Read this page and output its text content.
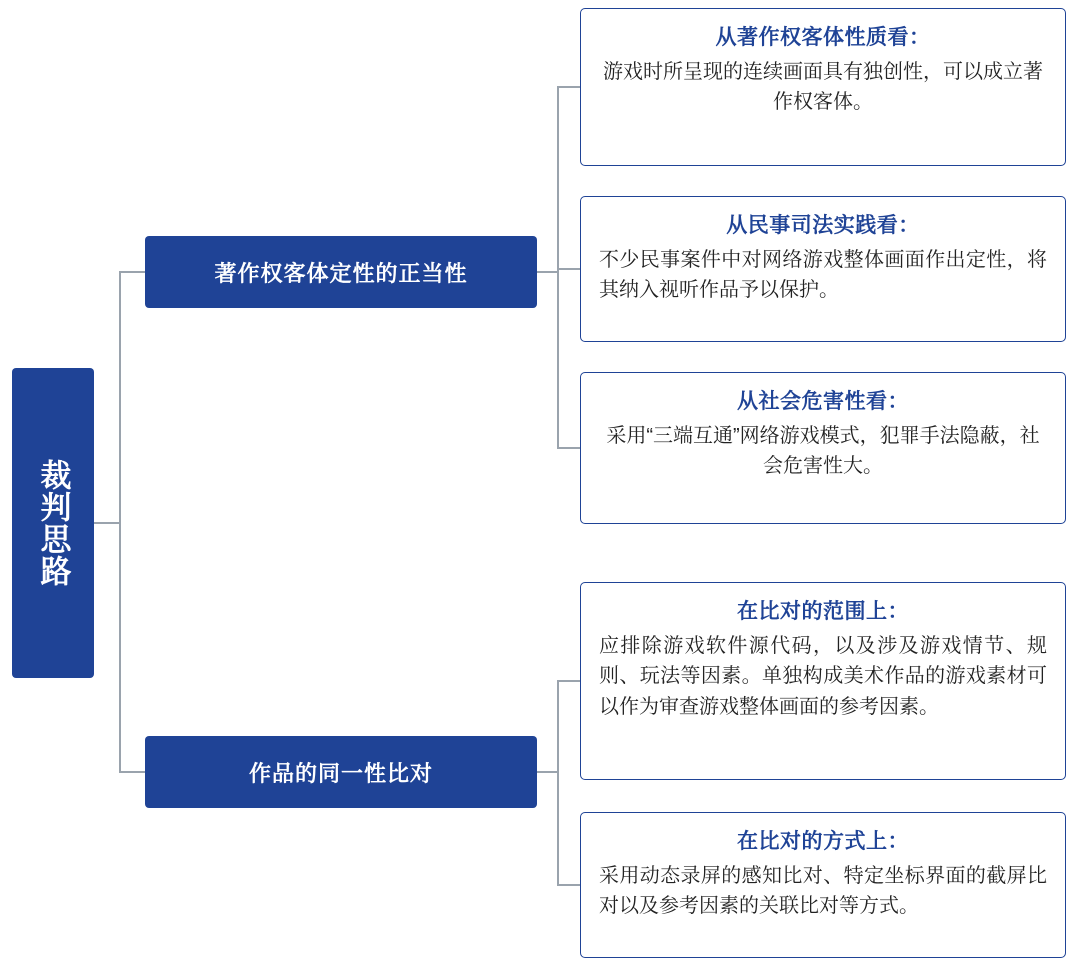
裁判思路
著作权客体定性的正当性
作品的同一性比对
从著作权客体性质看：
游戏时所呈现的连续画面具有独创性，可以成立著作权客体。
从民事司法实践看：
不少民事案件中对网络游戏整体画面作出定性，将其纳入视听作品予以保护。
从社会危害性看：
采用“三端互通”网络游戏模式，犯罪手法隐蔽，社会危害性大。
在比对的范围上：
应排除游戏软件源代码，以及涉及游戏情节、规则、玩法等因素。单独构成美术作品的游戏素材可以作为审查游戏整体画面的参考因素。
在比对的方式上：
采用动态录屏的感知比对、特定坐标界面的截屏比对以及参考因素的关联比对等方式。
